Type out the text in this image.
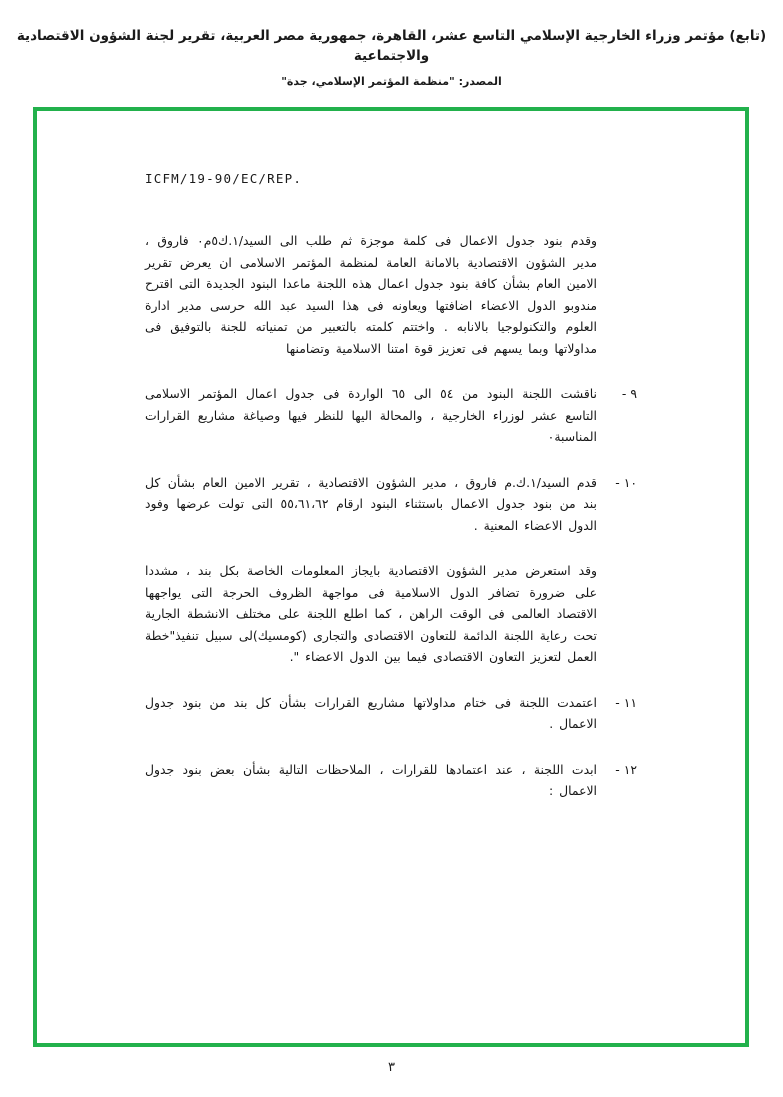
(تابع) مؤتمر وزراء الخارجية الإسلامي التاسع عشر، القاهرة، جمهورية مصر العربية، تقرير لجنة الشؤون الاقتصادية والاجتماعية
المصدر: "منظمة المؤتمر الإسلامي، جدة"
ICFM/19-90/EC/REP.
وقدم بنود جدول الاعمال فى كلمة موجزة ثم طلب الى السيد/١.ك٥م٠ فاروق ، مدير الشؤون الاقتصادية بالامانة العامة لمنظمة المؤتمر الاسلامى ان يعرض تقرير الامين العام بشأن كافة بنود جدول اعمال هذه اللجنة ماعدا البنود الجديدة التى اقترح مندوبو الدول الاعضاء اضافتها ويعاونه فى هذا السيد عبد الله حرسى مدير ادارة العلوم والتكنولوجيا بالانابه . واختتم كلمته بالتعبير من تمنياته للجنة بالتوفيق فى مداولاتها وبما يسهم فى تعزيز قوة امتنا الاسلامية وتضامنها
٩ -
ناقشت اللجنة البنود من ٥٤ الى ٦٥ الواردة فى جدول اعمال المؤتمر الاسلامى التاسع عشر لوزراء الخارجية ، والمحالة اليها للنظر فيها وصياغة مشاريع القرارات المناسبة٠
١٠ -
قدم السيد/١.ك.م فاروق ، مدير الشؤون الاقتصادية ، تقرير الامين العام بشأن كل بند من بنود جدول الاعمال باستثناء البنود ارقام ٥٥،٦١،٦٢ التى تولت عرضها وفود الدول الاعضاء المعنية .
وقد استعرض مدير الشؤون الاقتصادية بايجاز المعلومات الخاصة بكل بند ، مشددا على ضرورة تضافر الدول الاسلامية فى مواجهة الظروف الحرجة التى يواجهها الاقتصاد العالمى فى الوقت الراهن ، كما اطلع اللجنة على مختلف الانشطة الجارية تحت رعاية اللجنة الدائمة للتعاون الاقتصادى والتجارى (كومسيك)لى سبيل تنفيذ"خطة العمل لتعزيز التعاون الاقتصادى فيما بين الدول الاعضاء ".
١١ -
اعتمدت اللجنة فى ختام مداولاتها مشاريع القرارات بشأن كل بند من بنود جدول الاعمال .
١٢ -
ابدت اللجنة ، عند اعتمادها للقرارات ، الملاحظات التالية بشأن بعض بنود جدول الاعمال :
٣
